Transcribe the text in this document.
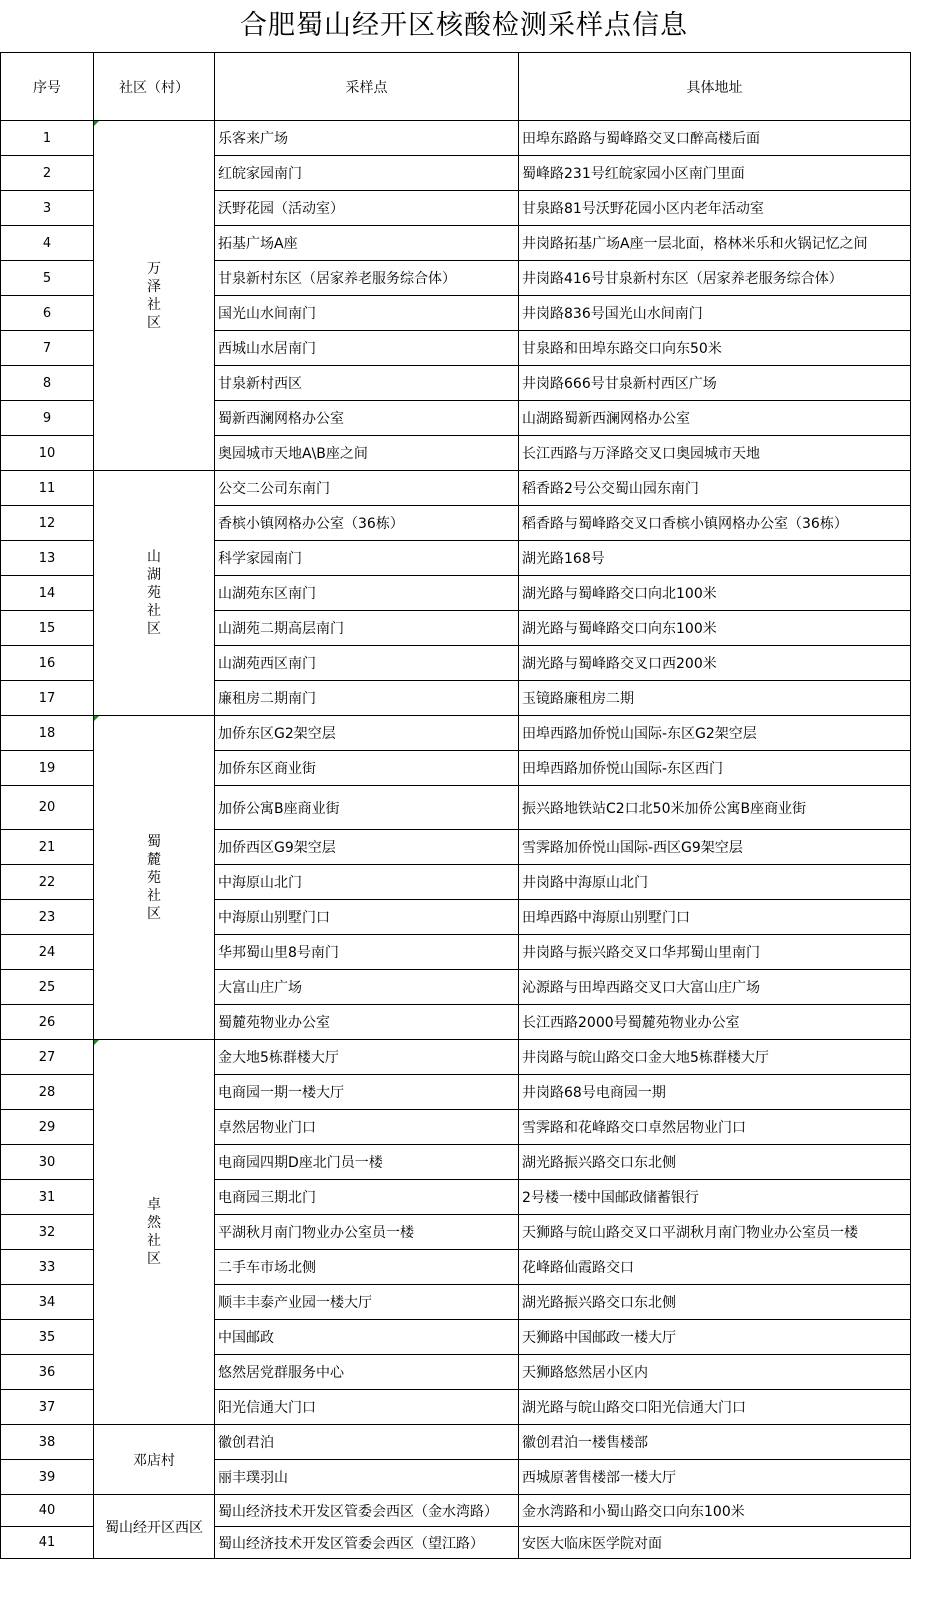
合肥蜀山经开区核酸检测采样点信息
序号	社区（村）	采样点	具体地址
1	万泽社区	乐客来广场	田埠东路路与蜀峰路交叉口醉高楼后面
2		红皖家园南门	蜀峰路231号红皖家园小区南门里面
3		沃野花园（活动室）	甘泉路81号沃野花园小区内老年活动室
4		拓基广场A座	井岗路拓基广场A座一层北面，格林米乐和火锅记忆之间
5		甘泉新村东区（居家养老服务综合体）	井岗路416号甘泉新村东区（居家养老服务综合体）
6		国光山水间南门	井岗路836号国光山水间南门
7		西城山水居南门	甘泉路和田埠东路交口向东50米
8		甘泉新村西区	井岗路666号甘泉新村西区广场
9		蜀新西澜网格办公室	山湖路蜀新西澜网格办公室
10		奥园城市天地A\B座之间	长江西路与万泽路交叉口奥园城市天地
11	山湖苑社区	公交二公司东南门	稻香路2号公交蜀山园东南门
12		香槟小镇网格办公室（36栋）	稻香路与蜀峰路交叉口香槟小镇网格办公室（36栋）
13		科学家园南门	湖光路168号
14		山湖苑东区南门	湖光路与蜀峰路交口向北100米
15		山湖苑二期高层南门	湖光路与蜀峰路交口向东100米
16		山湖苑西区南门	湖光路与蜀峰路交叉口西200米
17		廉租房二期南门	玉镜路廉租房二期
18	蜀麓苑社区	加侨东区G2架空层	田埠西路加侨悦山国际-东区G2架空层
19		加侨东区商业街	田埠西路加侨悦山国际-东区西门
20		加侨公寓B座商业街	振兴路地铁站C2口北50米加侨公寓B座商业街
21		加侨西区G9架空层	雪霁路加侨悦山国际-西区G9架空层
22		中海原山北门	井岗路中海原山北门
23		中海原山别墅门口	田埠西路中海原山别墅门口
24		华邦蜀山里8号南门	井岗路与振兴路交叉口华邦蜀山里南门
25		大富山庄广场	沁源路与田埠西路交叉口大富山庄广场
26		蜀麓苑物业办公室	长江西路2000号蜀麓苑物业办公室
27	卓然社区	金大地5栋群楼大厅	井岗路与皖山路交口金大地5栋群楼大厅
28		电商园一期一楼大厅	井岗路68号电商园一期
29		卓然居物业门口	雪霁路和花峰路交口卓然居物业门口
30		电商园四期D座北门员一楼	湖光路振兴路交口东北侧
31		电商园三期北门	2号楼一楼中国邮政储蓄银行
32		平湖秋月南门物业办公室员一楼	天狮路与皖山路交叉口平湖秋月南门物业办公室员一楼
33		二手车市场北侧	花峰路仙霞路交口
34		顺丰丰泰产业园一楼大厅	湖光路振兴路交口东北侧
35		中国邮政	天狮路中国邮政一楼大厅
36		悠然居党群服务中心	天狮路悠然居小区内
37		阳光信通大门口	湖光路与皖山路交口阳光信通大门口
38	邓店村	徽创君泊	徽创君泊一楼售楼部
39		丽丰璞羽山	西城原著售楼部一楼大厅
40	蜀山经开区西区	蜀山经济技术开发区管委会西区（金水湾路）	金水湾路和小蜀山路交口向东100米
41		蜀山经济技术开发区管委会西区（望江路）	安医大临床医学院对面
